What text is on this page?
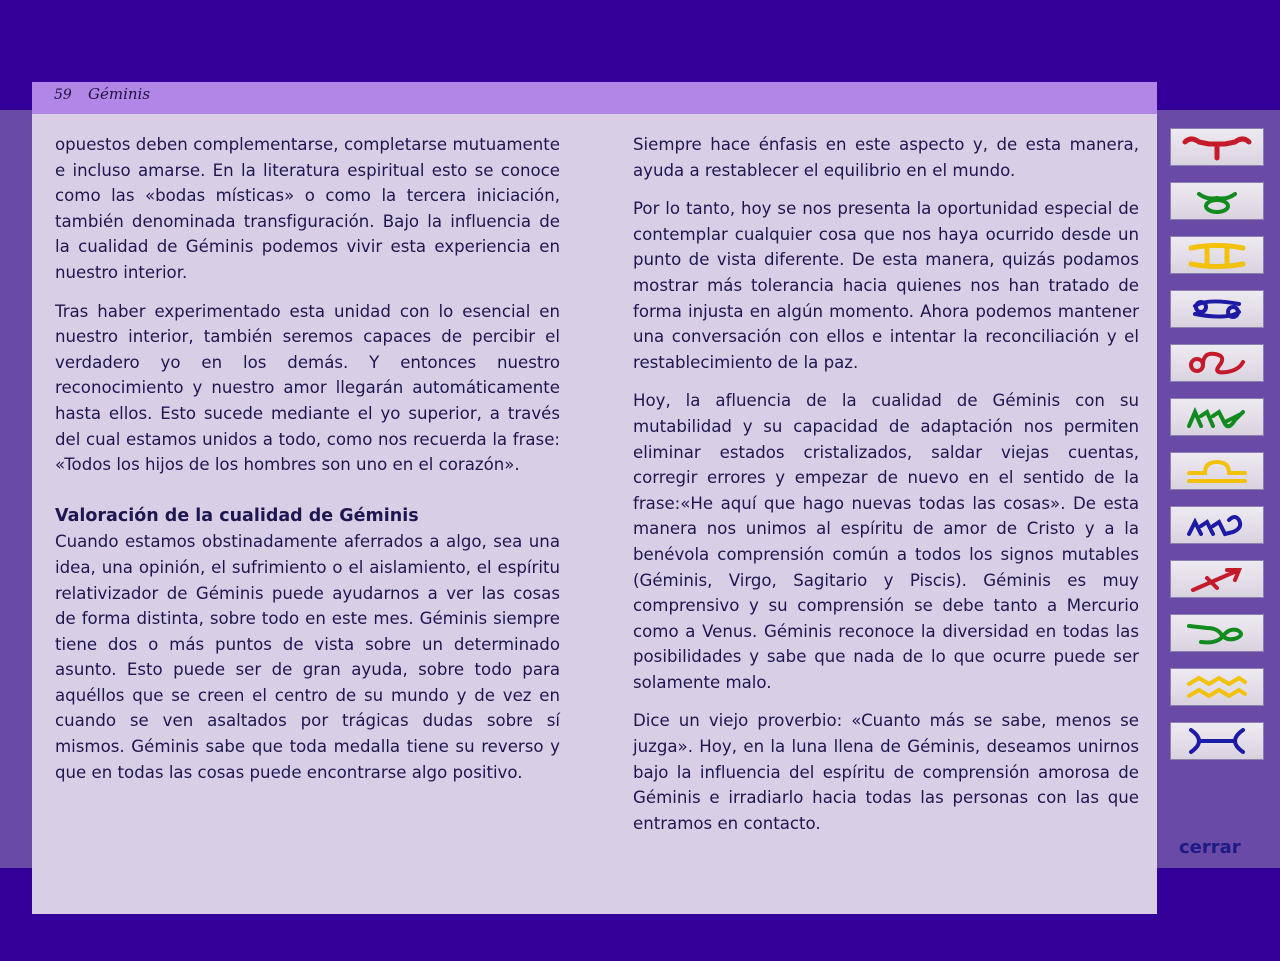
59 Géminis

opuestos deben complementarse, completarse mutuamente e incluso amarse. En la literatura espiritual esto se conoce como las «bodas místicas» o como la tercera iniciación, también denominada transfiguración. Bajo la influencia de la cualidad de Géminis podemos vivir esta experiencia en nuestro interior.

Tras haber experimentado esta unidad con lo esencial en nuestro interior, también seremos capaces de percibir el verdadero yo en los demás. Y entonces nuestro reconocimiento y nuestro amor llegarán automáticamente hasta ellos. Esto sucede mediante el yo superior, a través del cual estamos unidos a todo, como nos recuerda la frase: «Todos los hijos de los hombres son uno en el corazón».

Valoración de la cualidad de Géminis

Cuando estamos obstinadamente aferrados a algo, sea una idea, una opinión, el sufrimiento o el aislamiento, el espíritu relativizador de Géminis puede ayudarnos a ver las cosas de forma distinta, sobre todo en este mes. Géminis siempre tiene dos o más puntos de vista sobre un determinado asunto. Esto puede ser de gran ayuda, sobre todo para aquéllos que se creen el centro de su mundo y de vez en cuando se ven asaltados por trágicas dudas sobre sí mismos. Géminis sabe que toda medalla tiene su reverso y que en todas las cosas puede encontrarse algo positivo.

Siempre hace énfasis en este aspecto y, de esta manera, ayuda a restablecer el equilibrio en el mundo.

Por lo tanto, hoy se nos presenta la oportunidad especial de contemplar cualquier cosa que nos haya ocurrido desde un punto de vista diferente. De esta manera, quizás podamos mostrar más tolerancia hacia quienes nos han tratado de forma injusta en algún momento. Ahora podemos mantener una conversación con ellos e intentar la reconciliación y el restablecimiento de la paz.

Hoy, la afluencia de la cualidad de Géminis con su mutabilidad y su capacidad de adaptación nos permiten eliminar estados cristalizados, saldar viejas cuentas, corregir errores y empezar de nuevo en el sentido de la frase:«He aquí que hago nuevas todas las cosas». De esta manera nos unimos al espíritu de amor de Cristo y a la benévola comprensión común a todos los signos mutables (Géminis, Virgo, Sagitario y Piscis). Géminis es muy comprensivo y su comprensión se debe tanto a Mercurio como a Venus. Géminis reconoce la diversidad en todas las posibilidades y sabe que nada de lo que ocurre puede ser solamente malo.

Dice un viejo proverbio: «Cuanto más se sabe, menos se juzga». Hoy, en la luna llena de Géminis, deseamos unirnos bajo la influencia del espíritu de comprensión amorosa de Géminis e irradiarlo hacia todas las personas con las que entramos en contacto.

cerrar
